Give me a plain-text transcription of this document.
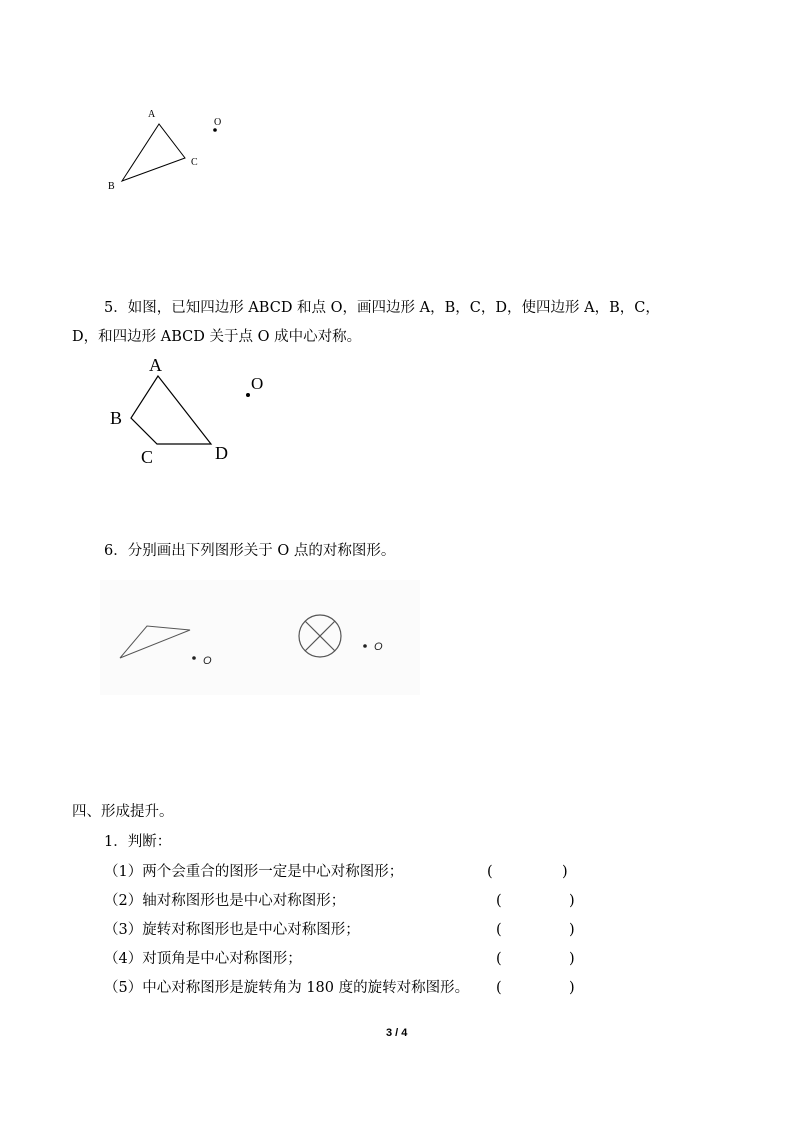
A
B
C
O
5．如图，已知四边形 ABCD 和点 O，画四边形 A，B，C，D，使四边形 A，B，C，
D，和四边形 ABCD 关于点 O 成中心对称。
A
B
C	D
O
6．分别画出下列图形关于 O 点的对称图形。
O
O
四、形成提升。
1．判断：
（1）两个会重合的图形一定是中心对称图形；	(	)
（2）轴对称图形也是中心对称图形；	(	)
（3）旋转对称图形也是中心对称图形；	(	)
（4）对顶角是中心对称图形；	(	)
（5）中心对称图形是旋转角为 180 度的旋转对称图形。 (	)
3 / 4
